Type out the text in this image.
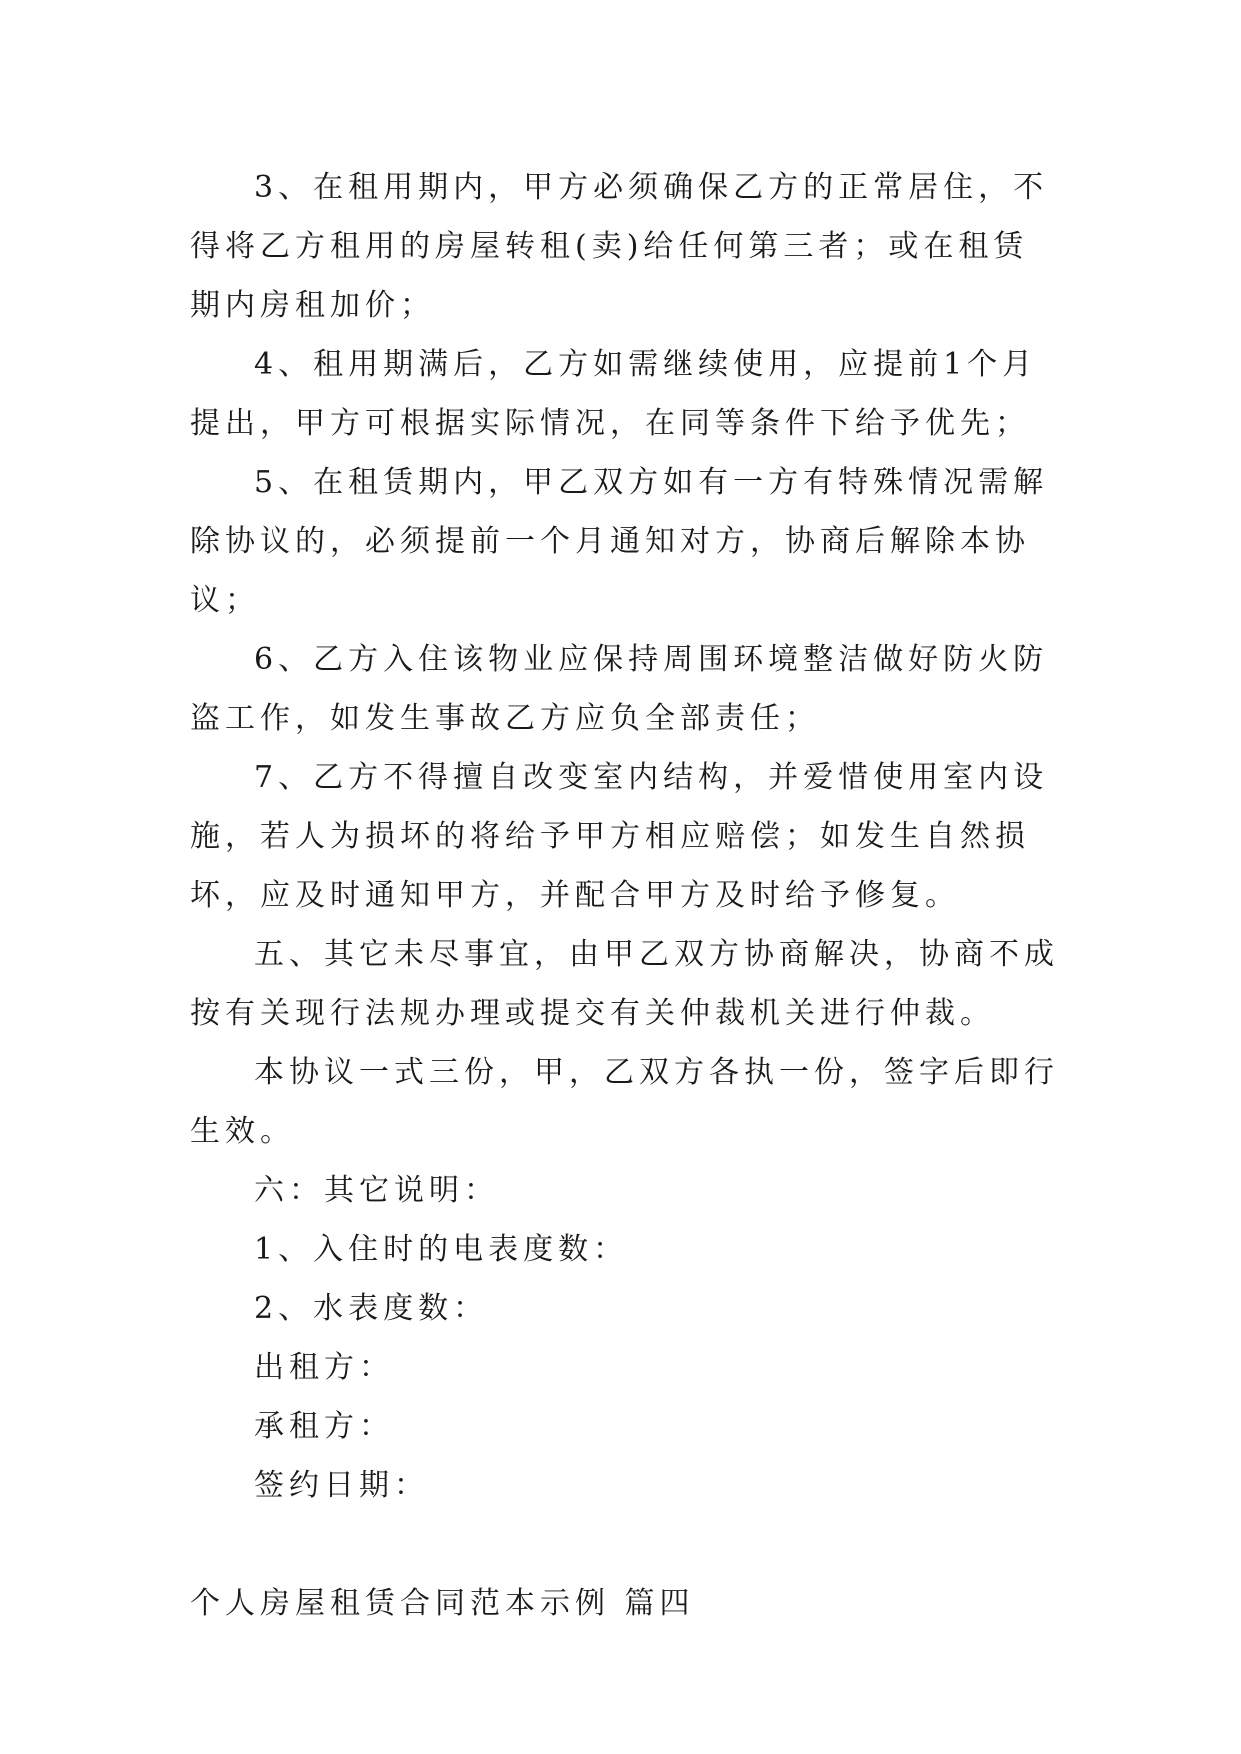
3、在租用期内，甲方必须确保乙方的正常居住，不得将乙方租用的房屋转租(卖)给任何第三者；或在租赁期内房租加价；

4、租用期满后，乙方如需继续使用，应提前1个月提出，甲方可根据实际情况，在同等条件下给予优先；

5、在租赁期内，甲乙双方如有一方有特殊情况需解除协议的，必须提前一个月通知对方，协商后解除本协议；

6、乙方入住该物业应保持周围环境整洁做好防火防盗工作，如发生事故乙方应负全部责任；

7、乙方不得擅自改变室内结构，并爱惜使用室内设施，若人为损坏的将给予甲方相应赔偿；如发生自然损坏，应及时通知甲方，并配合甲方及时给予修复。

五、其它未尽事宜，由甲乙双方协商解决，协商不成按有关现行法规办理或提交有关仲裁机关进行仲裁。

本协议一式三份，甲，乙双方各执一份，签字后即行生效。

六：其它说明：

1、入住时的电表度数：

2、水表度数：

出租方：

承租方：

签约日期：

个人房屋租赁合同范本示例 篇四
